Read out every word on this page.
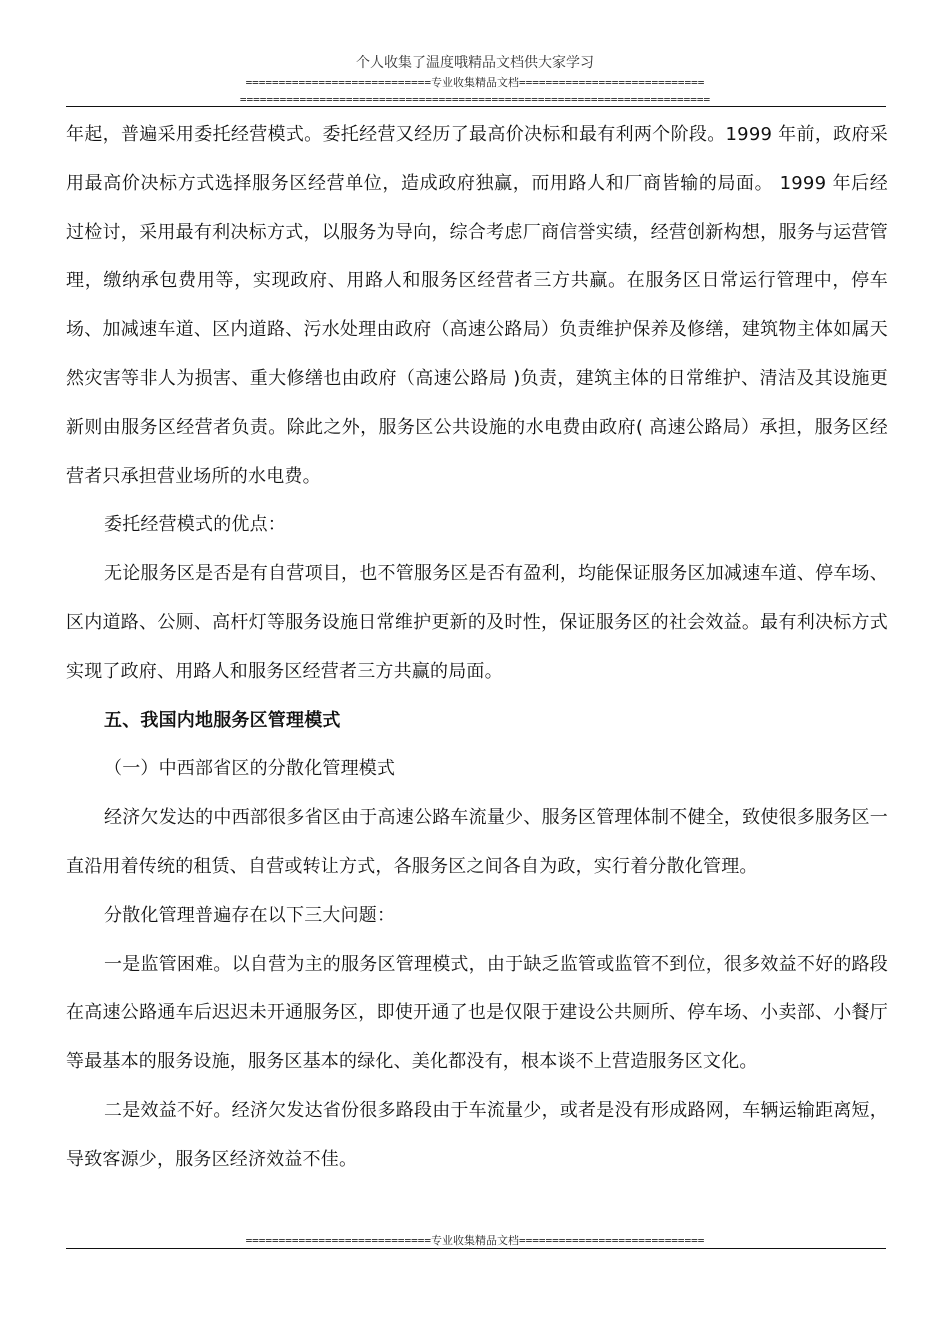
个人收集了温度哦精品文档供大家学习
============================专业收集精品文档============================
=======================================================================

年起，普遍采用委托经营模式。委托经营又经历了最高价决标和最有利两个阶段。1999 年前，政府采用最高价决标方式选择服务区经营单位，造成政府独赢，而用路人和厂商皆输的局面。 1999 年后经过检讨，采用最有利决标方式，以服务为导向，综合考虑厂商信誉实绩，经营创新构想，服务与运营管理，缴纳承包费用等，实现政府、用路人和服务区经营者三方共赢。在服务区日常运行管理中，停车场、加减速车道、区内道路、污水处理由政府（高速公路局）负责维护保养及修缮，建筑物主体如属天然灾害等非人为损害、重大修缮也由政府（高速公路局 )负责，建筑主体的日常维护、清洁及其设施更新则由服务区经营者负责。除此之外，服务区公共设施的水电费由政府( 高速公路局）承担，服务区经营者只承担营业场所的水电费。

委托经营模式的优点：

无论服务区是否是有自营项目，也不管服务区是否有盈利，均能保证服务区加减速车道、停车场、区内道路、公厕、高杆灯等服务设施日常维护更新的及时性，保证服务区的社会效益。最有利决标方式实现了政府、用路人和服务区经营者三方共赢的局面。

五、我国内地服务区管理模式

（一）中西部省区的分散化管理模式

经济欠发达的中西部很多省区由于高速公路车流量少、服务区管理体制不健全，致使很多服务区一直沿用着传统的租赁、自营或转让方式，各服务区之间各自为政，实行着分散化管理。

分散化管理普遍存在以下三大问题：

一是监管困难。以自营为主的服务区管理模式，由于缺乏监管或监管不到位，很多效益不好的路段在高速公路通车后迟迟未开通服务区，即使开通了也是仅限于建设公共厕所、停车场、小卖部、小餐厅等最基本的服务设施，服务区基本的绿化、美化都没有，根本谈不上营造服务区文化。

二是效益不好。经济欠发达省份很多路段由于车流量少，或者是没有形成路网，车辆运输距离短，导致客源少，服务区经济效益不佳。

============================专业收集精品文档============================
